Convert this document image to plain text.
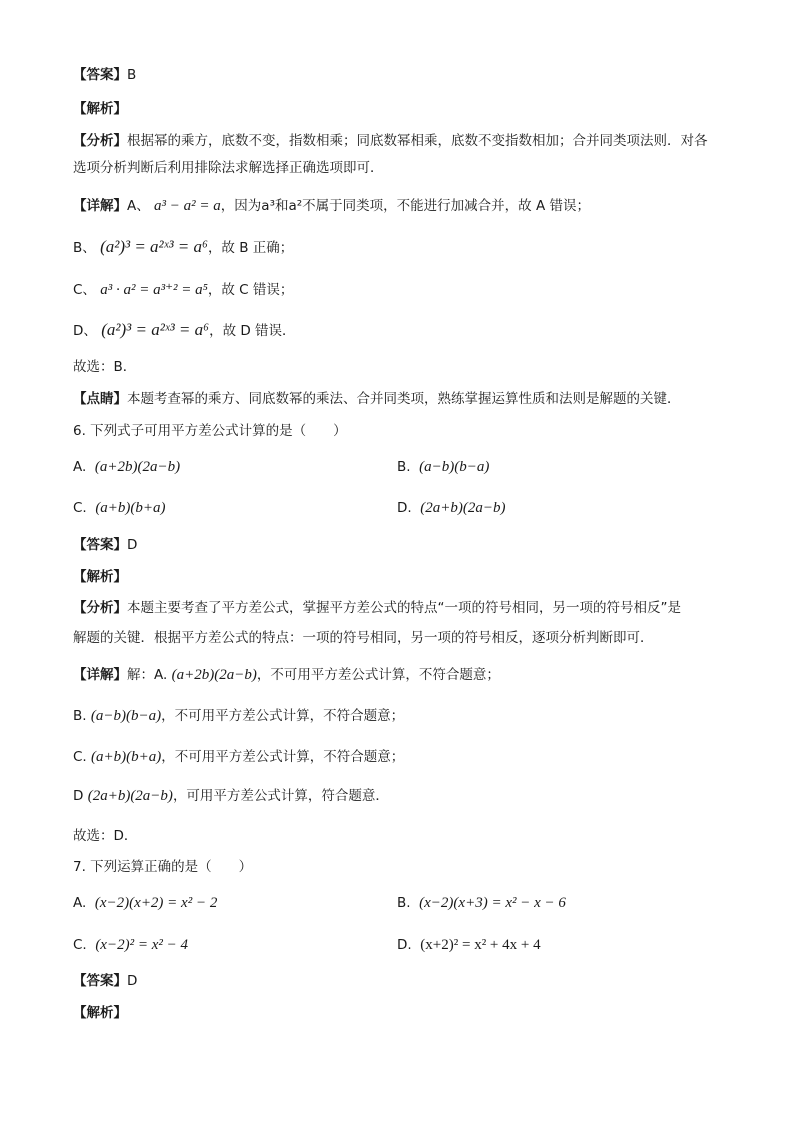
【答案】B
【解析】
【分析】根据幂的乘方，底数不变，指数相乘；同底数幂相乘，底数不变指数相加；合并同类项法则．对各
选项分析判断后利用排除法求解选择正确选项即可．
【详解】A、 a³ − a² = a，因为a³和a²不属于同类项，不能进行加减合并，故 A 错误；
B、 (a²)³ = a²ˣ³ = a⁶，故 B 正确；
C、 a³ · a² = a³⁺² = a⁵，故 C 错误；
D、 (a²)³ = a²ˣ³ = a⁶，故 D 错误．
故选：B．
【点睛】本题考查幂的乘方、同底数幂的乘法、合并同类项，熟练掌握运算性质和法则是解题的关键．
6. 下列式子可用平方差公式计算的是（　　）
A. (a+2b)(2a−b)	B. (a−b)(b−a)
C. (a+b)(b+a)	D. (2a+b)(2a−b)
【答案】D
【解析】
【分析】本题主要考查了平方差公式，掌握平方差公式的特点“一项的符号相同，另一项的符号相反”是
解题的关键．根据平方差公式的特点：一项的符号相同，另一项的符号相反，逐项分析判断即可．
【详解】解：A. (a+2b)(2a−b)，不可用平方差公式计算，不符合题意；
B. (a−b)(b−a)，不可用平方差公式计算，不符合题意；
C. (a+b)(b+a)，不可用平方差公式计算，不符合题意；
D (2a+b)(2a−b)，可用平方差公式计算，符合题意．
故选：D．
7. 下列运算正确的是（　　）
A. (x−2)(x+2) = x² − 2	B. (x−2)(x+3) = x² − x − 6
C. (x−2)² = x² − 4	D. (x+2)² = x² + 4x + 4
【答案】D
【解析】
